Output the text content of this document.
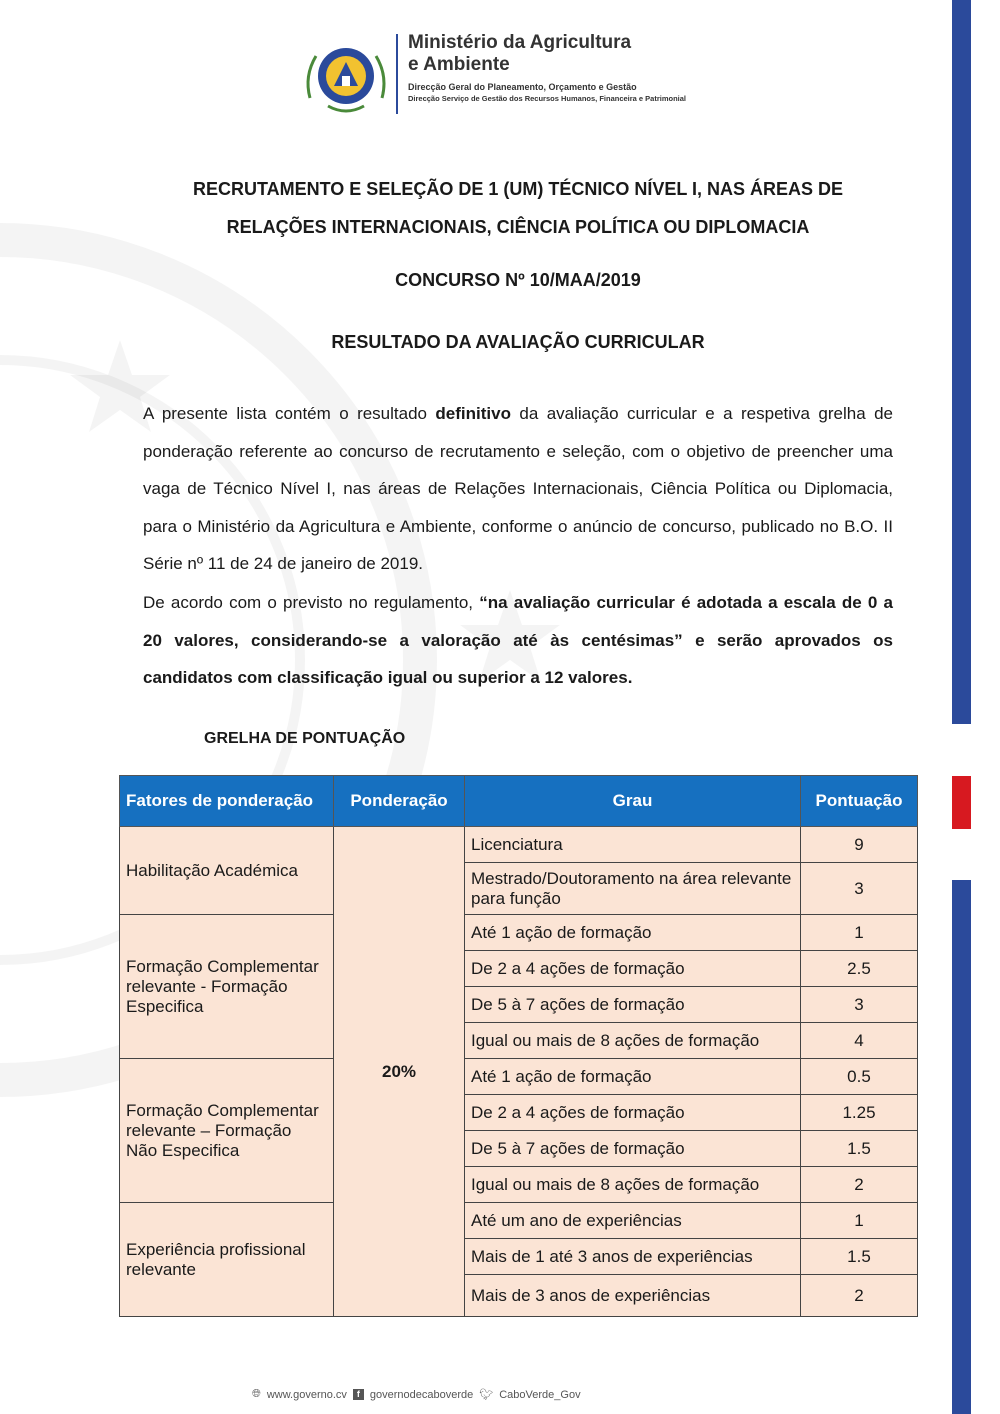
Ministério da Agricultura
e Ambiente
Direcção Geral do Planeamento, Orçamento e Gestão
Direcção Serviço de Gestão dos Recursos Humanos, Financeira e Patrimonial
RECRUTAMENTO E SELEÇÃO DE 1 (UM) TÉCNICO NÍVEL I, NAS ÁREAS DE
RELAÇÕES INTERNACIONAIS, CIÊNCIA POLÍTICA OU DIPLOMACIA
CONCURSO Nº 10/MAA/2019
RESULTADO DA AVALIAÇÃO CURRICULAR
A presente lista contém o resultado definitivo da avaliação curricular e a respetiva grelha de ponderação referente ao concurso de recrutamento e seleção, com o objetivo de preencher uma vaga de Técnico Nível I, nas áreas de Relações Internacionais, Ciência Política ou Diplomacia, para o Ministério da Agricultura e Ambiente, conforme o anúncio de concurso, publicado no B.O. II Série nº 11 de 24 de janeiro de 2019.
De acordo com o previsto no regulamento, “na avaliação curricular é adotada a escala de 0 a 20 valores, considerando-se a valoração até às centésimas” e serão aprovados os candidatos com classificação igual ou superior a 12 valores.
GRELHA DE PONTUAÇÃO
Fatores de ponderação	Ponderação	Grau	Pontuação
Habilitação Académica	20%	Licenciatura	9
		Mestrado/Doutoramento na área relevante para função	3
Formação Complementar relevante - Formação Especifica		Até 1 ação de formação	1
		De 2 a 4 ações de formação	2.5
		De 5 à 7 ações de formação	3
		Igual ou mais de 8 ações de formação	4
Formação Complementar relevante – Formação Não Especifica		Até 1 ação de formação	0.5
		De 2 a 4 ações de formação	1.25
		De 5 à 7 ações de formação	1.5
		Igual ou mais de 8 ações de formação	2
Experiência profissional relevante		Até um ano de experiências	1
		Mais de 1 até 3 anos de experiências	1.5
		Mais de 3 anos de experiências	2
🌐︎ www.governo.cv	f governodecaboverde 🐦︎ CaboVerde_Gov
